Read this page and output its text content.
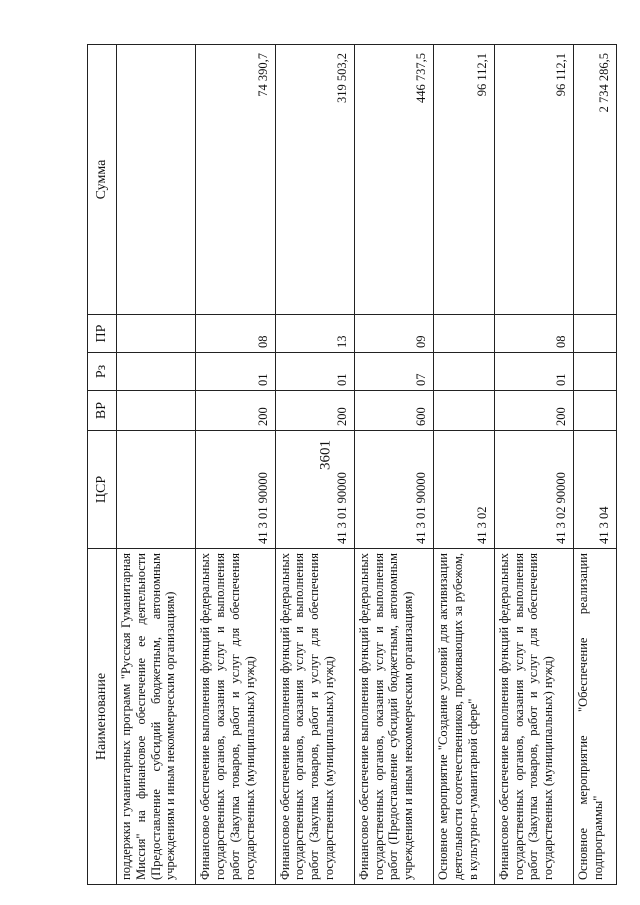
3601
Наименование	ЦСР	ВР	Рз	ПР	Сумма
поддержки гуманитарных программ "Русская Гуманитарная Миссия" на финансовое обеспечение ее деятельности (Предоставление субсидий бюджетным, автономным учреждениям и иным некоммерческим организациям)					
Финансовое обеспечение выполнения функций федеральных государственных органов, оказания услуг и выполнения работ (Закупка товаров, работ и услуг для обеспечения государственных (муниципальных) нужд)	41 3 01 90000	200	01	08	74 390,7
Финансовое обеспечение выполнения функций федеральных государственных органов, оказания услуг и выполнения работ (Закупка товаров, работ и услуг для обеспечения государственных (муниципальных) нужд)	41 3 01 90000	200	01	13	319 503,2
Финансовое обеспечение выполнения функций федеральных государственных органов, оказания услуг и выполнения работ (Предоставление субсидий бюджетным, автономным учреждениям и иным некоммерческим организациям)	41 3 01 90000	600	07	09	446 737,5
Основное мероприятие "Создание условий для активизации деятельности соотечественников, проживающих за рубежом, в культурно-гуманитарной сфере"	41 3 02				96 112,1
Финансовое обеспечение выполнения функций федеральных государственных органов, оказания услуг и выполнения работ (Закупка товаров, работ и услуг для обеспечения государственных (муниципальных) нужд)	41 3 02 90000	200	01	08	96 112,1
Основное мероприятие "Обеспечение реализации подпрограммы"	41 3 04				2 734 286,5
